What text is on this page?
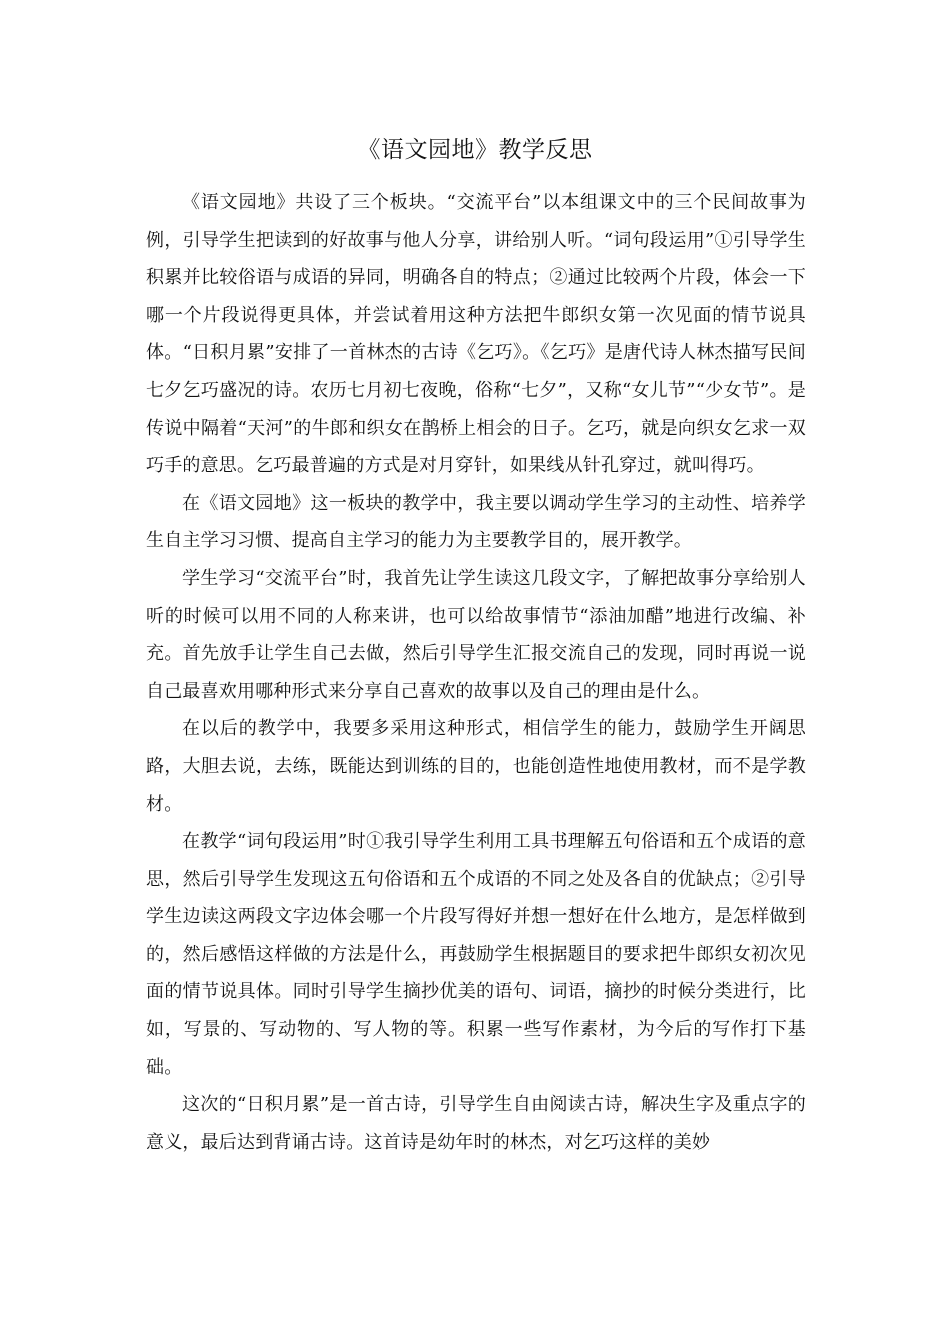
《语文园地》教学反思

《语文园地》共设了三个板块。“交流平台”以本组课文中的三个民间故事为例，引导学生把读到的好故事与他人分享，讲给别人听。“词句段运用”①引导学生积累并比较俗语与成语的异同，明确各自的特点；②通过比较两个片段，体会一下哪一个片段说得更具体，并尝试着用这种方法把牛郎织女第一次见面的情节说具体。“日积月累”安排了一首林杰的古诗《乞巧》。《乞巧》是唐代诗人林杰描写民间七夕乞巧盛况的诗。农历七月初七夜晚，俗称“七夕”，又称“女儿节”“少女节”。是传说中隔着“天河”的牛郎和织女在鹊桥上相会的日子。乞巧，就是向织女乞求一双巧手的意思。乞巧最普遍的方式是对月穿针，如果线从针孔穿过，就叫得巧。

在《语文园地》这一板块的教学中，我主要以调动学生学习的主动性、培养学生自主学习习惯、提高自主学习的能力为主要教学目的，展开教学。

学生学习“交流平台”时，我首先让学生读这几段文字，了解把故事分享给别人听的时候可以用不同的人称来讲，也可以给故事情节“添油加醋”地进行改编、补充。首先放手让学生自己去做，然后引导学生汇报交流自己的发现，同时再说一说自己最喜欢用哪种形式来分享自己喜欢的故事以及自己的理由是什么。

在以后的教学中，我要多采用这种形式，相信学生的能力，鼓励学生开阔思路，大胆去说，去练，既能达到训练的目的，也能创造性地使用教材，而不是学教材。

在教学“词句段运用”时①我引导学生利用工具书理解五句俗语和五个成语的意思，然后引导学生发现这五句俗语和五个成语的不同之处及各自的优缺点；②引导学生边读这两段文字边体会哪一个片段写得好并想一想好在什么地方，是怎样做到的，然后感悟这样做的方法是什么，再鼓励学生根据题目的要求把牛郎织女初次见面的情节说具体。同时引导学生摘抄优美的语句、词语，摘抄的时候分类进行，比如，写景的、写动物的、写人物的等。积累一些写作素材，为今后的写作打下基础。

这次的“日积月累”是一首古诗，引导学生自由阅读古诗，解决生字及重点字的意义，最后达到背诵古诗。这首诗是幼年时的林杰，对乞巧这样的美妙
